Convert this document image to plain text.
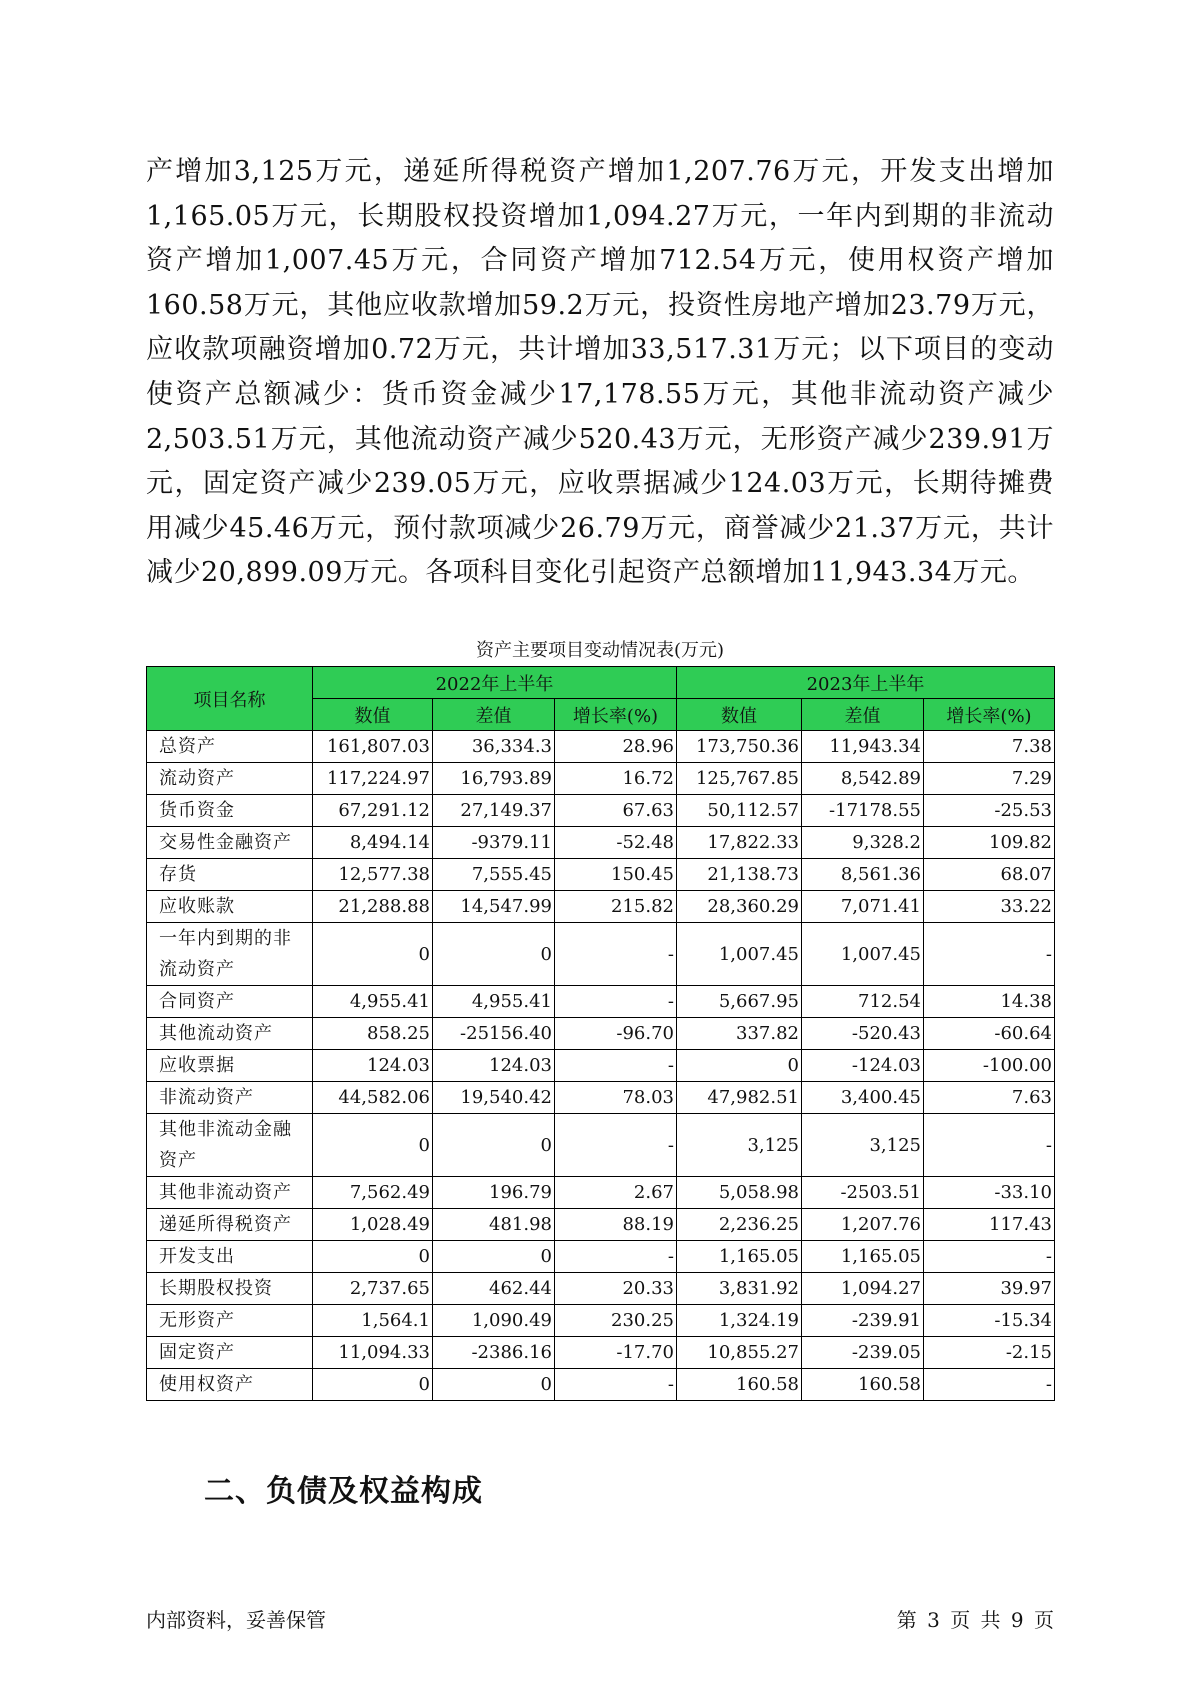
产增加3,125万元，递延所得税资产增加1,207.76万元，开发支出增加1,165.05万元，长期股权投资增加1,094.27万元，一年内到期的非流动资产增加1,007.45万元，合同资产增加712.54万元，使用权资产增加160.58万元，其他应收款增加59.2万元，投资性房地产增加23.79万元，应收款项融资增加0.72万元，共计增加33,517.31万元；以下项目的变动使资产总额减少：货币资金减少17,178.55万元，其他非流动资产减少2,503.51万元，其他流动资产减少520.43万元，无形资产减少239.91万元，固定资产减少239.05万元，应收票据减少124.03万元，长期待摊费用减少45.46万元，预付款项减少26.79万元，商誉减少21.37万元，共计减少20,899.09万元。各项科目变化引起资产总额增加11,943.34万元。
资产主要项目变动情况表(万元)
项目名称	2022年上半年			2023年上半年		
	数值	差值	增长率(%)	数值	差值	增长率(%)
总资产	161,807.03	36,334.3	28.96	173,750.36	11,943.34	7.38
流动资产	117,224.97	16,793.89	16.72	125,767.85	8,542.89	7.29
货币资金	67,291.12	27,149.37	67.63	50,112.57	-17178.55	-25.53
交易性金融资产	8,494.14	-9379.11	-52.48	17,822.33	9,328.2	109.82
存货	12,577.38	7,555.45	150.45	21,138.73	8,561.36	68.07
应收账款	21,288.88	14,547.99	215.82	28,360.29	7,071.41	33.22
一年内到期的非流动资产	0	0	-	1,007.45	1,007.45	-
合同资产	4,955.41	4,955.41	-	5,667.95	712.54	14.38
其他流动资产	858.25	-25156.40	-96.70	337.82	-520.43	-60.64
应收票据	124.03	124.03	-	0	-124.03	-100.00
非流动资产	44,582.06	19,540.42	78.03	47,982.51	3,400.45	7.63
其他非流动金融资产	0	0	-	3,125	3,125	-
其他非流动资产	7,562.49	196.79	2.67	5,058.98	-2503.51	-33.10
递延所得税资产	1,028.49	481.98	88.19	2,236.25	1,207.76	117.43
开发支出	0	0	-	1,165.05	1,165.05	-
长期股权投资	2,737.65	462.44	20.33	3,831.92	1,094.27	39.97
无形资产	1,564.1	1,090.49	230.25	1,324.19	-239.91	-15.34
固定资产	11,094.33	-2386.16	-17.70	10,855.27	-239.05	-2.15
使用权资产	0	0	-	160.58	160.58	-
二、负债及权益构成
内部资料，妥善保管	第 3 页 共 9 页
